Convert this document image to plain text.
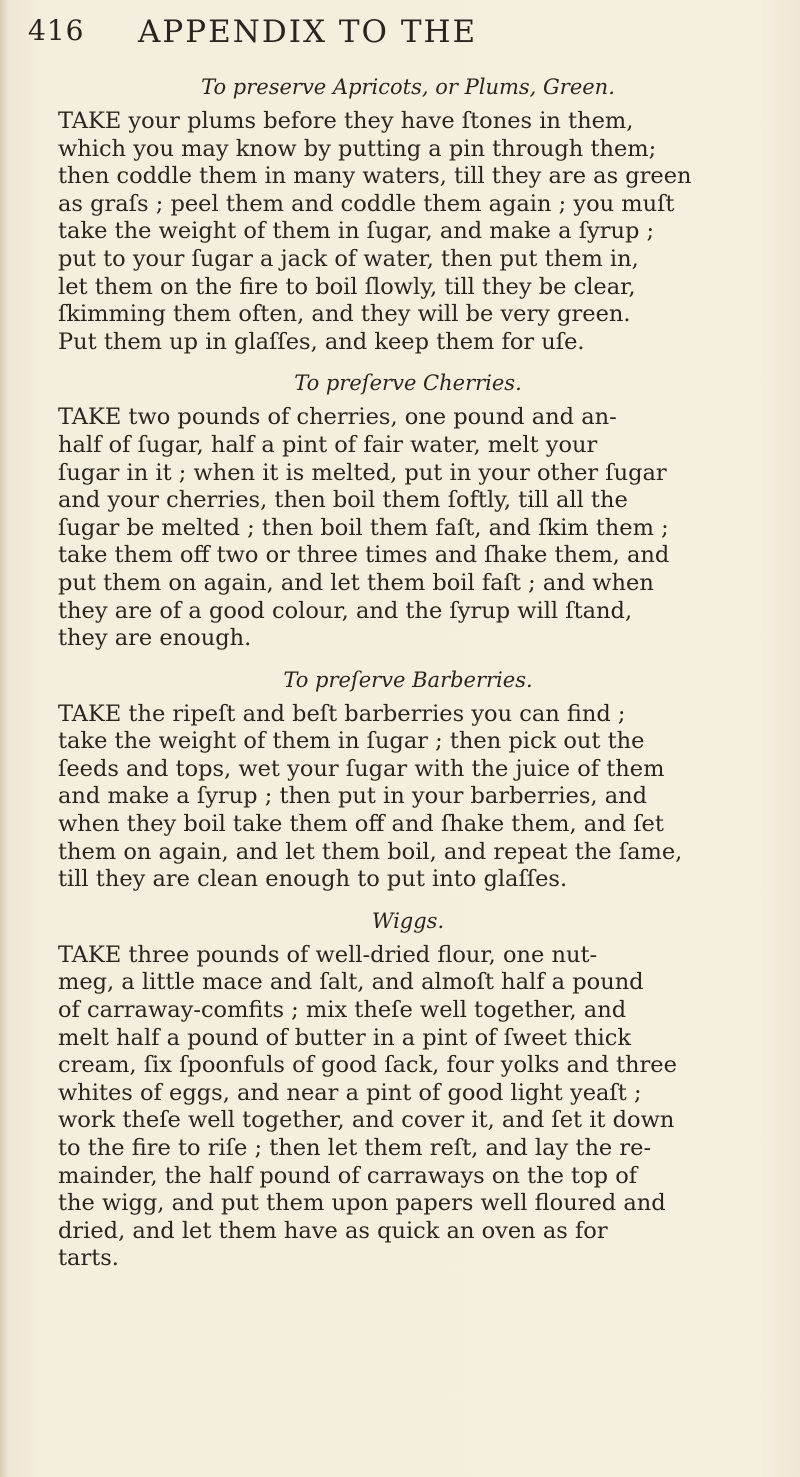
416 APPENDIX TO THE
To preserve Apricots, or Plums, Green.
TAKE your plums before they have ſtones in them,
which you may know by putting a pin through them;
then coddle them in many waters, till they are as green
as graſs ; peel them and coddle them again ; you muſt
take the weight of them in ſugar, and make a ſyrup ;
put to your ſugar a jack of water, then put them in,
let them on the fire to boil ſlowly, till they be clear,
ſkimming them often, and they will be very green.
Put them up in glaſſes, and keep them for uſe.
To preſerve Cherries.
TAKE two pounds of cherries, one pound and an-
half of ſugar, half a pint of fair water, melt your
ſugar in it ; when it is melted, put in your other ſugar
and your cherries, then boil them ſoftly, till all the
ſugar be melted ; then boil them faſt, and ſkim them ;
take them off two or three times and ſhake them, and
put them on again, and let them boil faſt ; and when
they are of a good colour, and the ſyrup will ſtand,
they are enough.
To preſerve Barberries.
TAKE the ripeſt and beſt barberries you can find ;
take the weight of them in ſugar ; then pick out the
ſeeds and tops, wet your ſugar with the juice of them
and make a ſyrup ; then put in your barberries, and
when they boil take them off and ſhake them, and ſet
them on again, and let them boil, and repeat the ſame,
till they are clean enough to put into glaſſes.
Wiggs.
TAKE three pounds of well-dried flour, one nut-
meg, a little mace and ſalt, and almoſt half a pound
of carraway-comfits ; mix theſe well together, and
melt half a pound of butter in a pint of ſweet thick
cream, ſix ſpoonfuls of good ſack, four yolks and three
whites of eggs, and near a pint of good light yeaſt ;
work theſe well together, and cover it, and ſet it down
to the fire to riſe ; then let them reſt, and lay the re-
mainder, the half pound of carraways on the top of
the wigg, and put them upon papers well floured and
dried, and let them have as quick an oven as for
tarts.
